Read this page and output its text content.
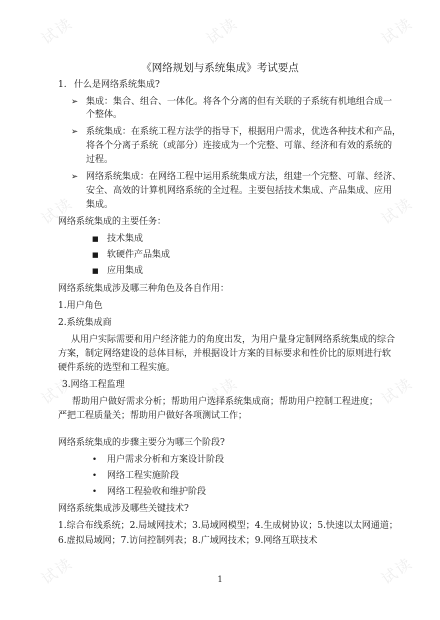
试读	试读	试读
试读	试读
试读	试读	试读
试读	试读
《网络规划与系统集成》考试要点
1. 什么是网络系统集成?
➢ 集成：集合、组合、一体化。将各个分离的但有关联的子系统有机地组合成一
个整体。
➢ 系统集成：在系统工程方法学的指导下，根据用户需求，优选各种技术和产品，
将各个分离子系统（或部分）连接成为一个完整、可靠、经济和有效的系统的
过程。
➢ 网络系统集成：在网络工程中运用系统集成方法，组建一个完整、可靠、经济、
安全、高效的计算机网络系统的全过程。主要包括技术集成、产品集成、应用
集成。
网络系统集成的主要任务：
■ 技术集成
■ 软硬件产品集成
■ 应用集成
网络系统集成涉及哪三种角色及各自作用：
1.用户角色
2.系统集成商
从用户实际需要和用户经济能力的角度出发，为用户量身定制网络系统集成的综合
方案，制定网络建设的总体目标，并根据设计方案的目标要求和性价比的原则进行软
硬件系统的选型和工程实施。
3.网络工程监理
帮助用户做好需求分析；帮助用户选择系统集成商；帮助用户控制工程进度；
严把工程质量关；帮助用户做好各项测试工作；
网络系统集成的步骤主要分为哪三个阶段?
• 用户需求分析和方案设计阶段
• 网络工程实施阶段
• 网络工程验收和维护阶段
网络系统集成涉及哪些关键技术?
1.综合布线系统；2.局域网技术；3.局域网模型；4.生成树协议；5.快速以太网通道；
6.虚拟局域网；7.访问控制列表；8.广域网技术；9.网络互联技术
1
